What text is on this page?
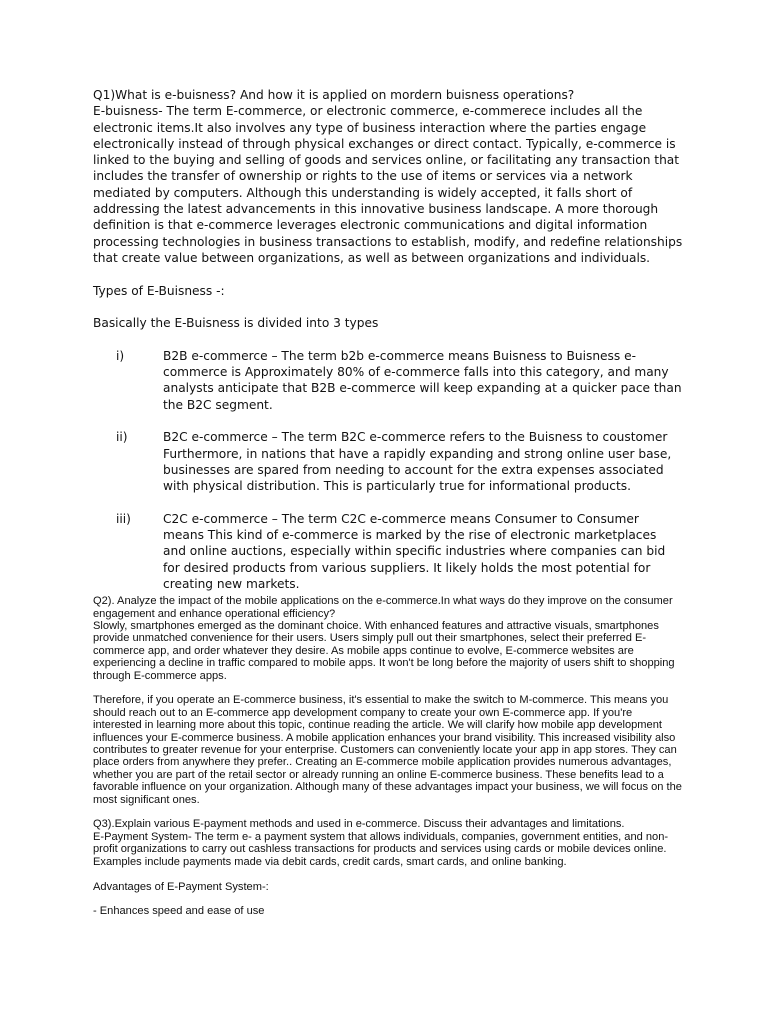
Q1)What is e-buisness? And how it is applied on mordern buisness operations?

E-buisness- The term E-commerce, or electronic commerce, e-commerece includes all the electronic items.It also involves any type of business interaction where the parties engage electronically instead of through physical exchanges or direct contact. Typically, e-commerce is linked to the buying and selling of goods and services online, or facilitating any transaction that includes the transfer of ownership or rights to the use of items or services via a network mediated by computers. Although this understanding is widely accepted, it falls short of addressing the latest advancements in this innovative business landscape. A more thorough definition is that e-commerce leverages electronic communications and digital information processing technologies in business transactions to establish, modify, and redefine relationships that create value between organizations, as well as between organizations and individuals.

Types of E-Buisness -:

Basically the E-Buisness is divided into 3 types

i)	B2B e-commerce – The term b2b e-commerce means Buisness to Buisness e-commerce is Approximately 80% of e-commerce falls into this category, and many analysts anticipate that B2B e-commerce will keep expanding at a quicker pace than the B2C segment.
ii)	B2C e-commerce – The term B2C e-commerce refers to the Buisness to coustomer Furthermore, in nations that have a rapidly expanding and strong online user base, businesses are spared from needing to account for the extra expenses associated with physical distribution. This is particularly true for informational products.
iii)	C2C e-commerce – The term C2C e-commerce means Consumer to Consumer means This kind of e-commerce is marked by the rise of electronic marketplaces and online auctions, especially within specific industries where companies can bid for desired products from various suppliers. It likely holds the most potential for creating new markets.

Q2). Analyze the impact of the mobile applications on the e-commerce.In what ways do they improve on the consumer engagement and enhance operational efficiency?

Slowly, smartphones emerged as the dominant choice. With enhanced features and attractive visuals, smartphones provide unmatched convenience for their users. Users simply pull out their smartphones, select their preferred E-commerce app, and order whatever they desire. As mobile apps continue to evolve, E-commerce websites are experiencing a decline in traffic compared to mobile apps. It won't be long before the majority of users shift to shopping through E-commerce apps.

Therefore, if you operate an E-commerce business, it's essential to make the switch to M-commerce. This means you should reach out to an E-commerce app development company to create your own E-commerce app. If you're interested in learning more about this topic, continue reading the article. We will clarify how mobile app development influences your E-commerce business. A mobile application enhances your brand visibility. This increased visibility also contributes to greater revenue for your enterprise. Customers can conveniently locate your app in app stores. They can place orders from anywhere they prefer.. Creating an E-commerce mobile application provides numerous advantages, whether you are part of the retail sector or already running an online E-commerce business. These benefits lead to a favorable influence on your organization. Although many of these advantages impact your business, we will focus on the most significant ones.

Q3).Explain various E-payment methods and used in e-commerce. Discuss their advantages and limitations.

E-Payment System- The term e- a payment system that allows individuals, companies, government entities, and non-profit organizations to carry out cashless transactions for products and services using cards or mobile devices online. Examples include payments made via debit cards, credit cards, smart cards, and online banking.

Advantages of E-Payment System-:

- Enhances speed and ease of use
